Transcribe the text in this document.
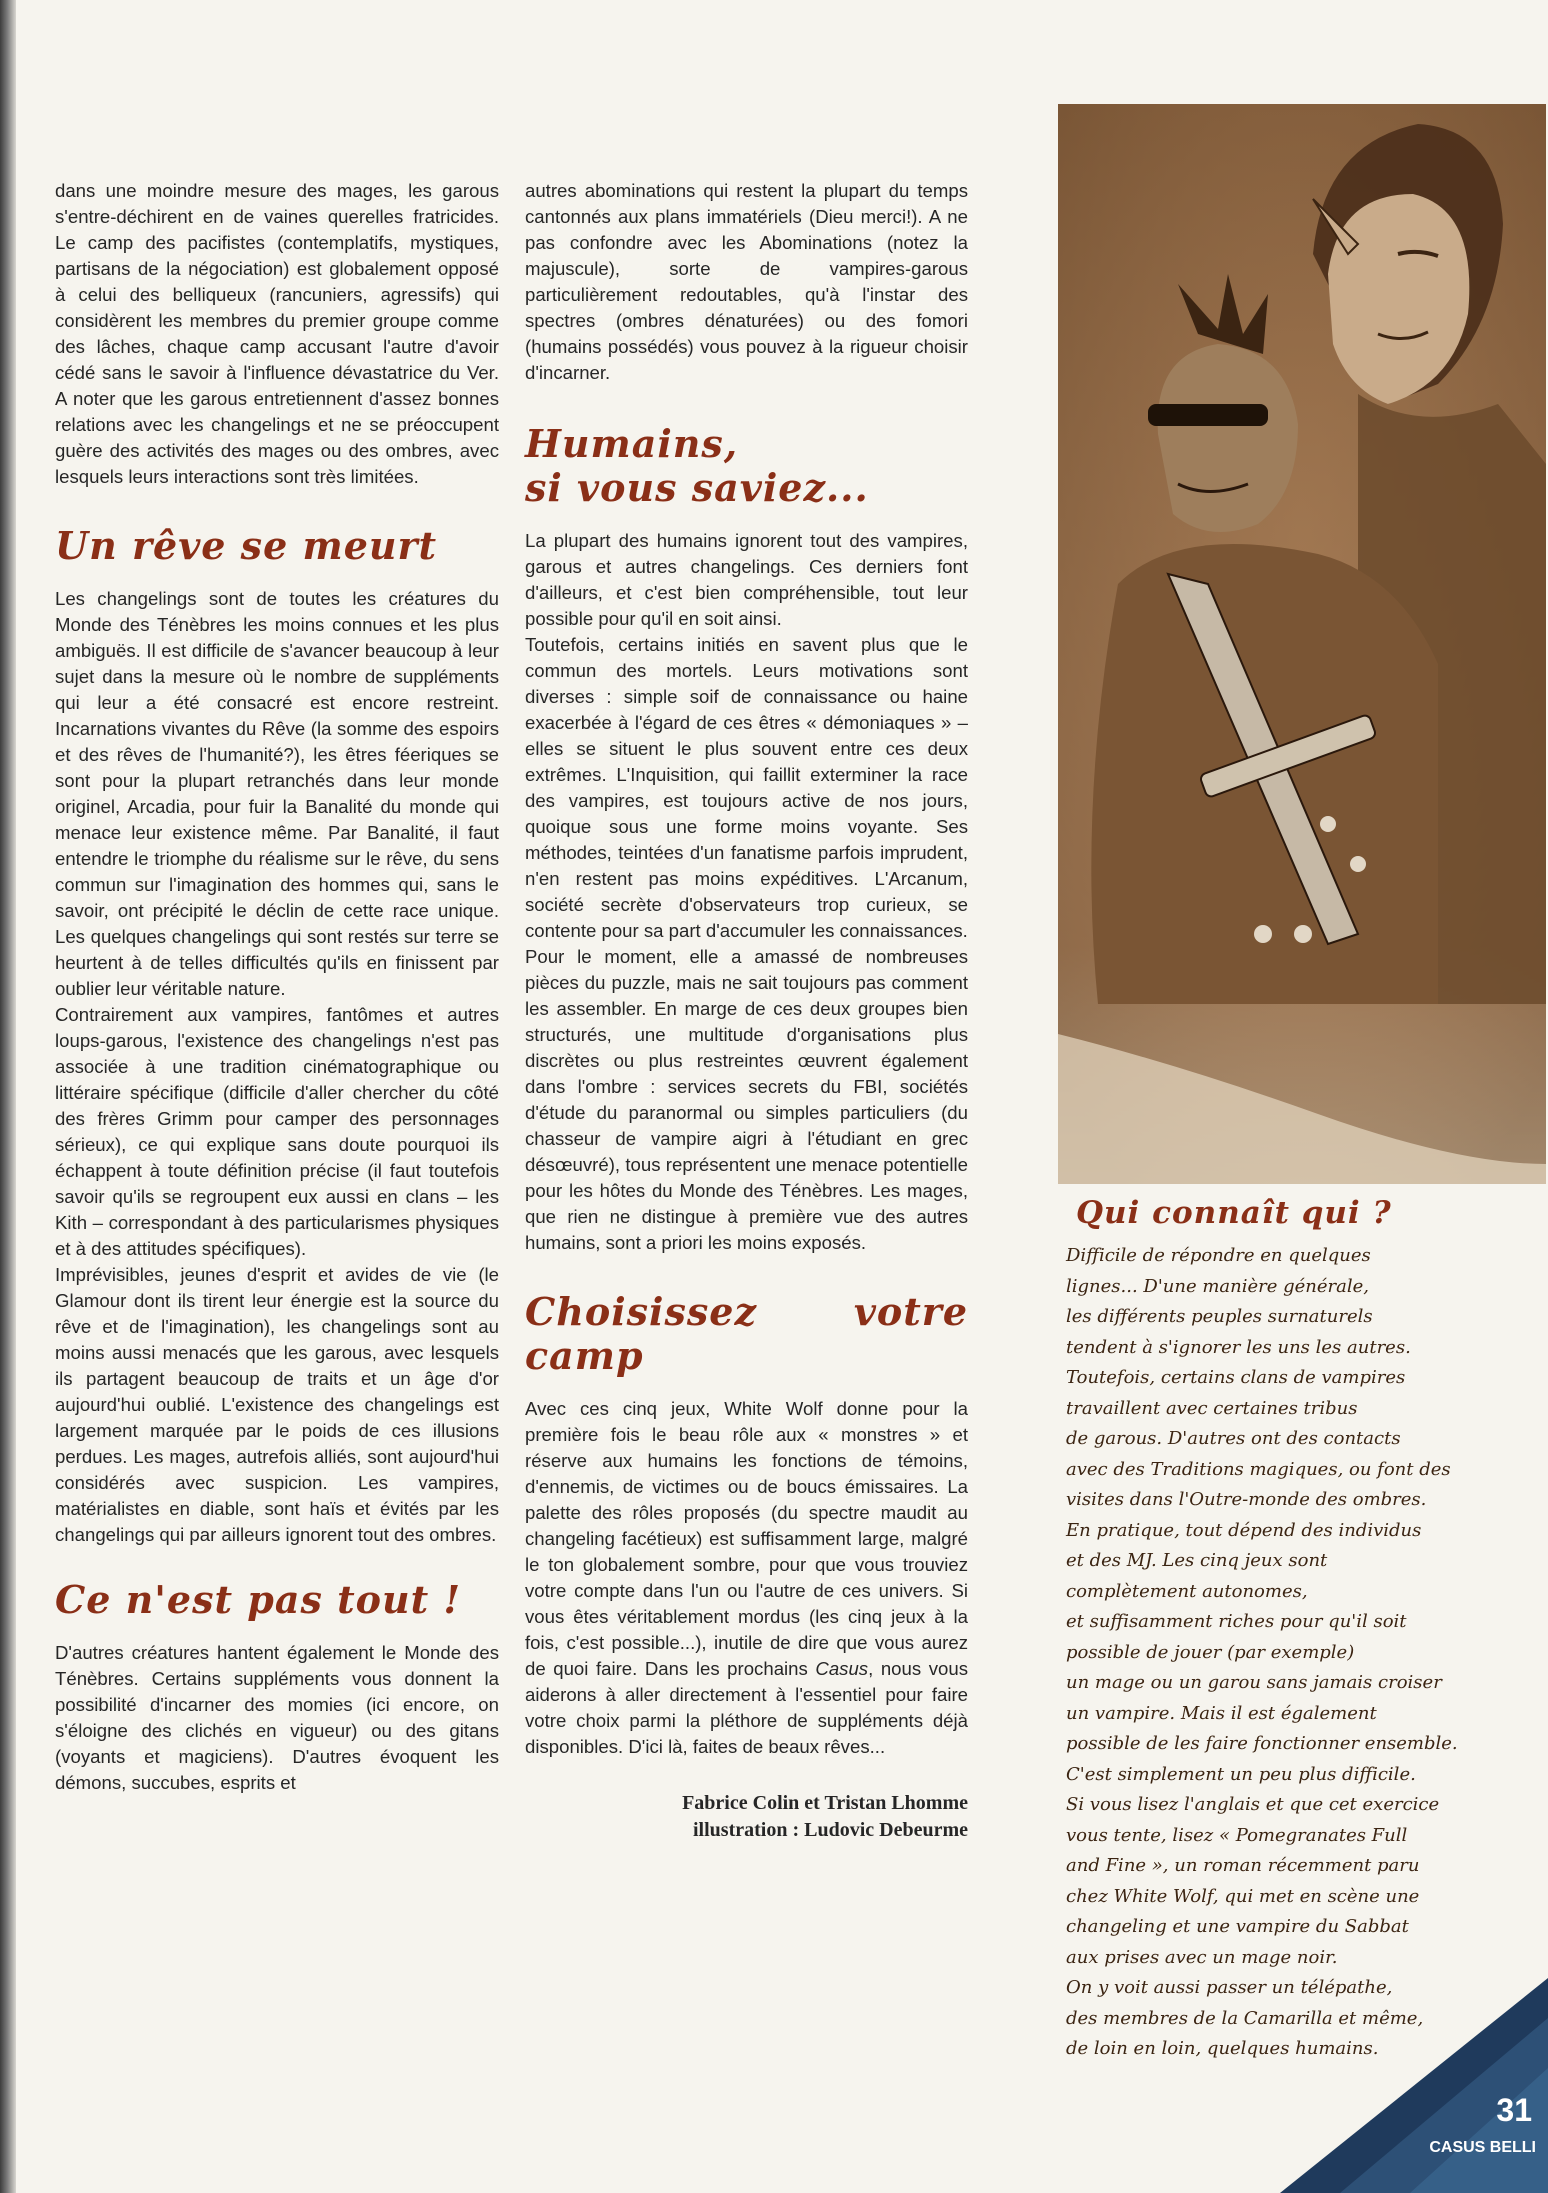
dans une moindre mesure des mages, les garous s'entre-déchirent en de vaines querelles fratricides. Le camp des pacifistes (contemplatifs, mystiques, partisans de la négociation) est globalement opposé à celui des belliqueux (rancuniers, agressifs) qui considèrent les membres du premier groupe comme des lâches, chaque camp accusant l'autre d'avoir cédé sans le savoir à l'influence dévastatrice du Ver. A noter que les garous entretiennent d'assez bonnes relations avec les changelings et ne se préoccupent guère des activités des mages ou des ombres, avec lesquels leurs interactions sont très limitées.

Un rêve se meurt

Les changelings sont de toutes les créatures du Monde des Ténèbres les moins connues et les plus ambiguës. Il est difficile de s'avancer beaucoup à leur sujet dans la mesure où le nombre de suppléments qui leur a été consacré est encore restreint. Incarnations vivantes du Rêve (la somme des espoirs et des rêves de l'humanité?), les êtres féeriques se sont pour la plupart retranchés dans leur monde originel, Arcadia, pour fuir la Banalité du monde qui menace leur existence même. Par Banalité, il faut entendre le triomphe du réalisme sur le rêve, du sens commun sur l'imagination des hommes qui, sans le savoir, ont précipité le déclin de cette race unique. Les quelques changelings qui sont restés sur terre se heurtent à de telles difficultés qu'ils en finissent par oublier leur véritable nature.

Contrairement aux vampires, fantômes et autres loups-garous, l'existence des changelings n'est pas associée à une tradition cinématographique ou littéraire spécifique (difficile d'aller chercher du côté des frères Grimm pour camper des personnages sérieux), ce qui explique sans doute pourquoi ils échappent à toute définition précise (il faut toutefois savoir qu'ils se regroupent eux aussi en clans – les Kith – correspondant à des particularismes physiques et à des attitudes spécifiques).

Imprévisibles, jeunes d'esprit et avides de vie (le Glamour dont ils tirent leur énergie est la source du rêve et de l'imagination), les changelings sont au moins aussi menacés que les garous, avec lesquels ils partagent beaucoup de traits et un âge d'or aujourd'hui oublié. L'existence des changelings est largement marquée par le poids de ces illusions perdues. Les mages, autrefois alliés, sont aujourd'hui considérés avec suspicion. Les vampires, matérialistes en diable, sont haïs et évités par les changelings qui par ailleurs ignorent tout des ombres.

Ce n'est pas tout !

D'autres créatures hantent également le Monde des Ténèbres. Certains suppléments vous donnent la possibilité d'incarner des momies (ici encore, on s'éloigne des clichés en vigueur) ou des gitans (voyants et magiciens). D'autres évoquent les démons, succubes, esprits et

autres abominations qui restent la plupart du temps cantonnés aux plans immatériels (Dieu merci!). A ne pas confondre avec les Abominations (notez la majuscule), sorte de vampires-garous particulièrement redoutables, qu'à l'instar des spectres (ombres dénaturées) ou des fomori (humains possédés) vous pouvez à la rigueur choisir d'incarner.

Humains,
si vous saviez...

La plupart des humains ignorent tout des vampires, garous et autres changelings. Ces derniers font d'ailleurs, et c'est bien compréhensible, tout leur possible pour qu'il en soit ainsi.

Toutefois, certains initiés en savent plus que le commun des mortels. Leurs motivations sont diverses : simple soif de connaissance ou haine exacerbée à l'égard de ces êtres « démoniaques » – elles se situent le plus souvent entre ces deux extrêmes. L'Inquisition, qui faillit exterminer la race des vampires, est toujours active de nos jours, quoique sous une forme moins voyante. Ses méthodes, teintées d'un fanatisme parfois imprudent, n'en restent pas moins expéditives. L'Arcanum, société secrète d'observateurs trop curieux, se contente pour sa part d'accumuler les connaissances.

Pour le moment, elle a amassé de nombreuses pièces du puzzle, mais ne sait toujours pas comment les assembler. En marge de ces deux groupes bien structurés, une multitude d'organisations plus discrètes ou plus restreintes œuvrent également dans l'ombre : services secrets du FBI, sociétés d'étude du paranormal ou simples particuliers (du chasseur de vampire aigri à l'étudiant en grec désœuvré), tous représentent une menace potentielle pour les hôtes du Monde des Ténèbres. Les mages, que rien ne distingue à première vue des autres humains, sont a priori les moins exposés.

Choisissez votre camp

Avec ces cinq jeux, White Wolf donne pour la première fois le beau rôle aux « monstres » et réserve aux humains les fonctions de témoins, d'ennemis, de victimes ou de boucs émissaires. La palette des rôles proposés (du spectre maudit au changeling facétieux) est suffisamment large, malgré le ton globalement sombre, pour que vous trouviez votre compte dans l'un ou l'autre de ces univers. Si vous êtes véritablement mordus (les cinq jeux à la fois, c'est possible...), inutile de dire que vous aurez de quoi faire. Dans les prochains Casus, nous vous aiderons à aller directement à l'essentiel pour faire votre choix parmi la pléthore de suppléments déjà disponibles. D'ici là, faites de beaux rêves...

Fabrice Colin et Tristan Lhomme
illustration : Ludovic Debeurme
Qui connaît qui ?
Difficile de répondre en quelques
lignes... D'une manière générale,
les différents peuples surnaturels
tendent à s'ignorer les uns les autres.
Toutefois, certains clans de vampires
travaillent avec certaines tribus
de garous. D'autres ont des contacts
avec des Traditions magiques, ou font des
visites dans l'Outre-monde des ombres.
En pratique, tout dépend des individus
et des MJ. Les cinq jeux sont
complètement autonomes,
et suffisamment riches pour qu'il soit
possible de jouer (par exemple)
un mage ou un garou sans jamais croiser
un vampire. Mais il est également
possible de les faire fonctionner ensemble.
C'est simplement un peu plus difficile.
Si vous lisez l'anglais et que cet exercice
vous tente, lisez « Pomegranates Full
and Fine », un roman récemment paru
chez White Wolf, qui met en scène une
changeling et une vampire du Sabbat
aux prises avec un mage noir.
On y voit aussi passer un télépathe,
des membres de la Camarilla et même,
de loin en loin, quelques humains.
31
CASUS BELLI
